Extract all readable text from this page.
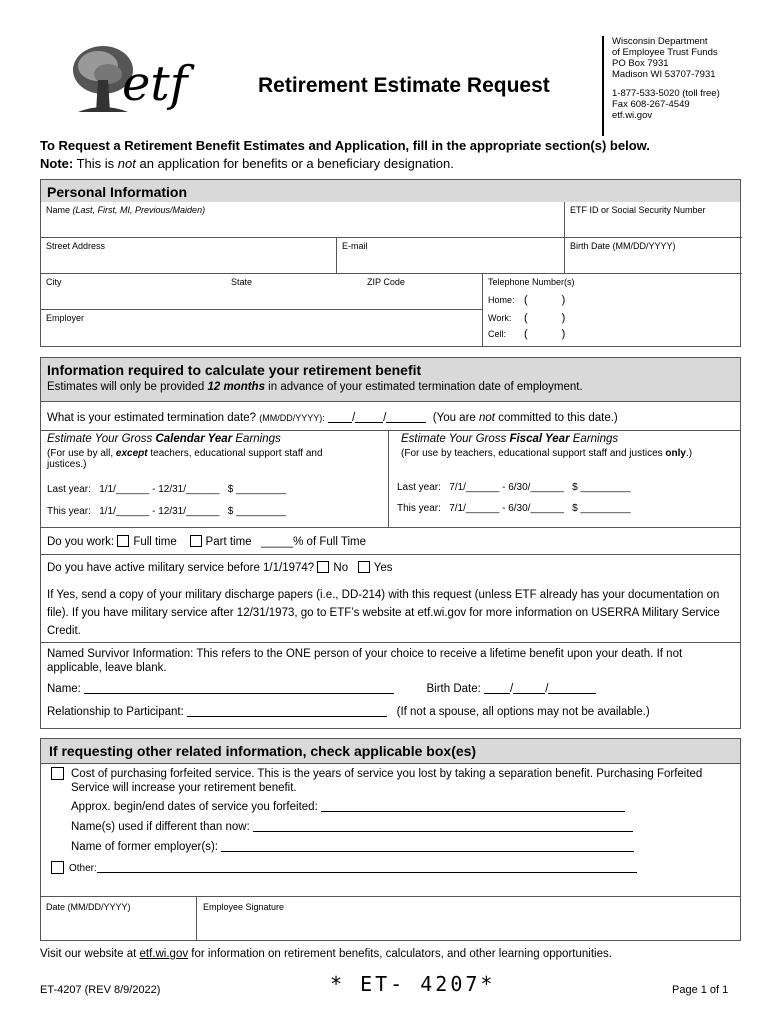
etf	Retirement Estimate Request
Wisconsin Department
of Employee Trust Funds
PO Box 7931
Madison WI 53707-7931
1-877-533-5020 (toll free)
Fax 608-267-4549
etf.wi.gov
To Request a Retirement Benefit Estimates and Application, fill in the appropriate section(s) below.
Note: This is not an application for benefits or a beneficiary designation.
Personal Information
Name (Last, First, MI, Previous/Maiden)	ETF ID or Social Security Number
Street Address	E-mail	Birth Date (MM/DD/YYYY)
City	State	ZIP Code
Employer
Telephone Number(s)
Home: (	)
Work: (	)
Cell: (	)
Information required to calculate your retirement benefit
Estimates will only be provided 12 months in advance of your estimated termination date of employment.
What is your estimated termination date? (MM/DD/YYYY): / /	(You are not committed to this date.)
Estimate Your Gross Calendar Year Earnings
(For use by all, except teachers, educational support staff and justices.)
Last year: 1/1/______ - 12/31/______ $ _________
This year: 1/1/______ - 12/31/______ $ _________
Estimate Your Gross Fiscal Year Earnings
(For use by teachers, educational support staff and justices only.)
Last year: 7/1/______ - 6/30/______ $ _________
This year: 7/1/______ - 6/30/______ $ _________
Do you work: Full time	Part time _____% of Full Time
Do you have active military service before 1/1/1974? No Yes
If Yes, send a copy of your military discharge papers (i.e., DD-214) with this request (unless ETF already has your documentation on file). If you have military service after 12/31/1973, go to ETF’s website at etf.wi.gov for more information on USERRA Military Service Credit.
Named Survivor Information: This refers to the ONE person of your choice to receive a lifetime benefit upon your death. If not applicable, leave blank.
Name:	Birth Date:	/	/
Relationship to Participant:	(If not a spouse, all options may not be available.)
If requesting other related information, check applicable box(es)
Cost of purchasing forfeited service. This is the years of service you lost by taking a separation benefit. Purchasing Forfeited Service will increase your retirement benefit.
Approx. begin/end dates of service you forfeited:
Name(s) used if different than now:
Name of former employer(s):
Other:
Date (MM/DD/YYYY)	Employee Signature
Visit our website at etf.wi.gov for information on retirement benefits, calculators, and other learning opportunities.
ET-4207 (REV 8/9/2022)	* ET- 4207*	Page 1 of 1
